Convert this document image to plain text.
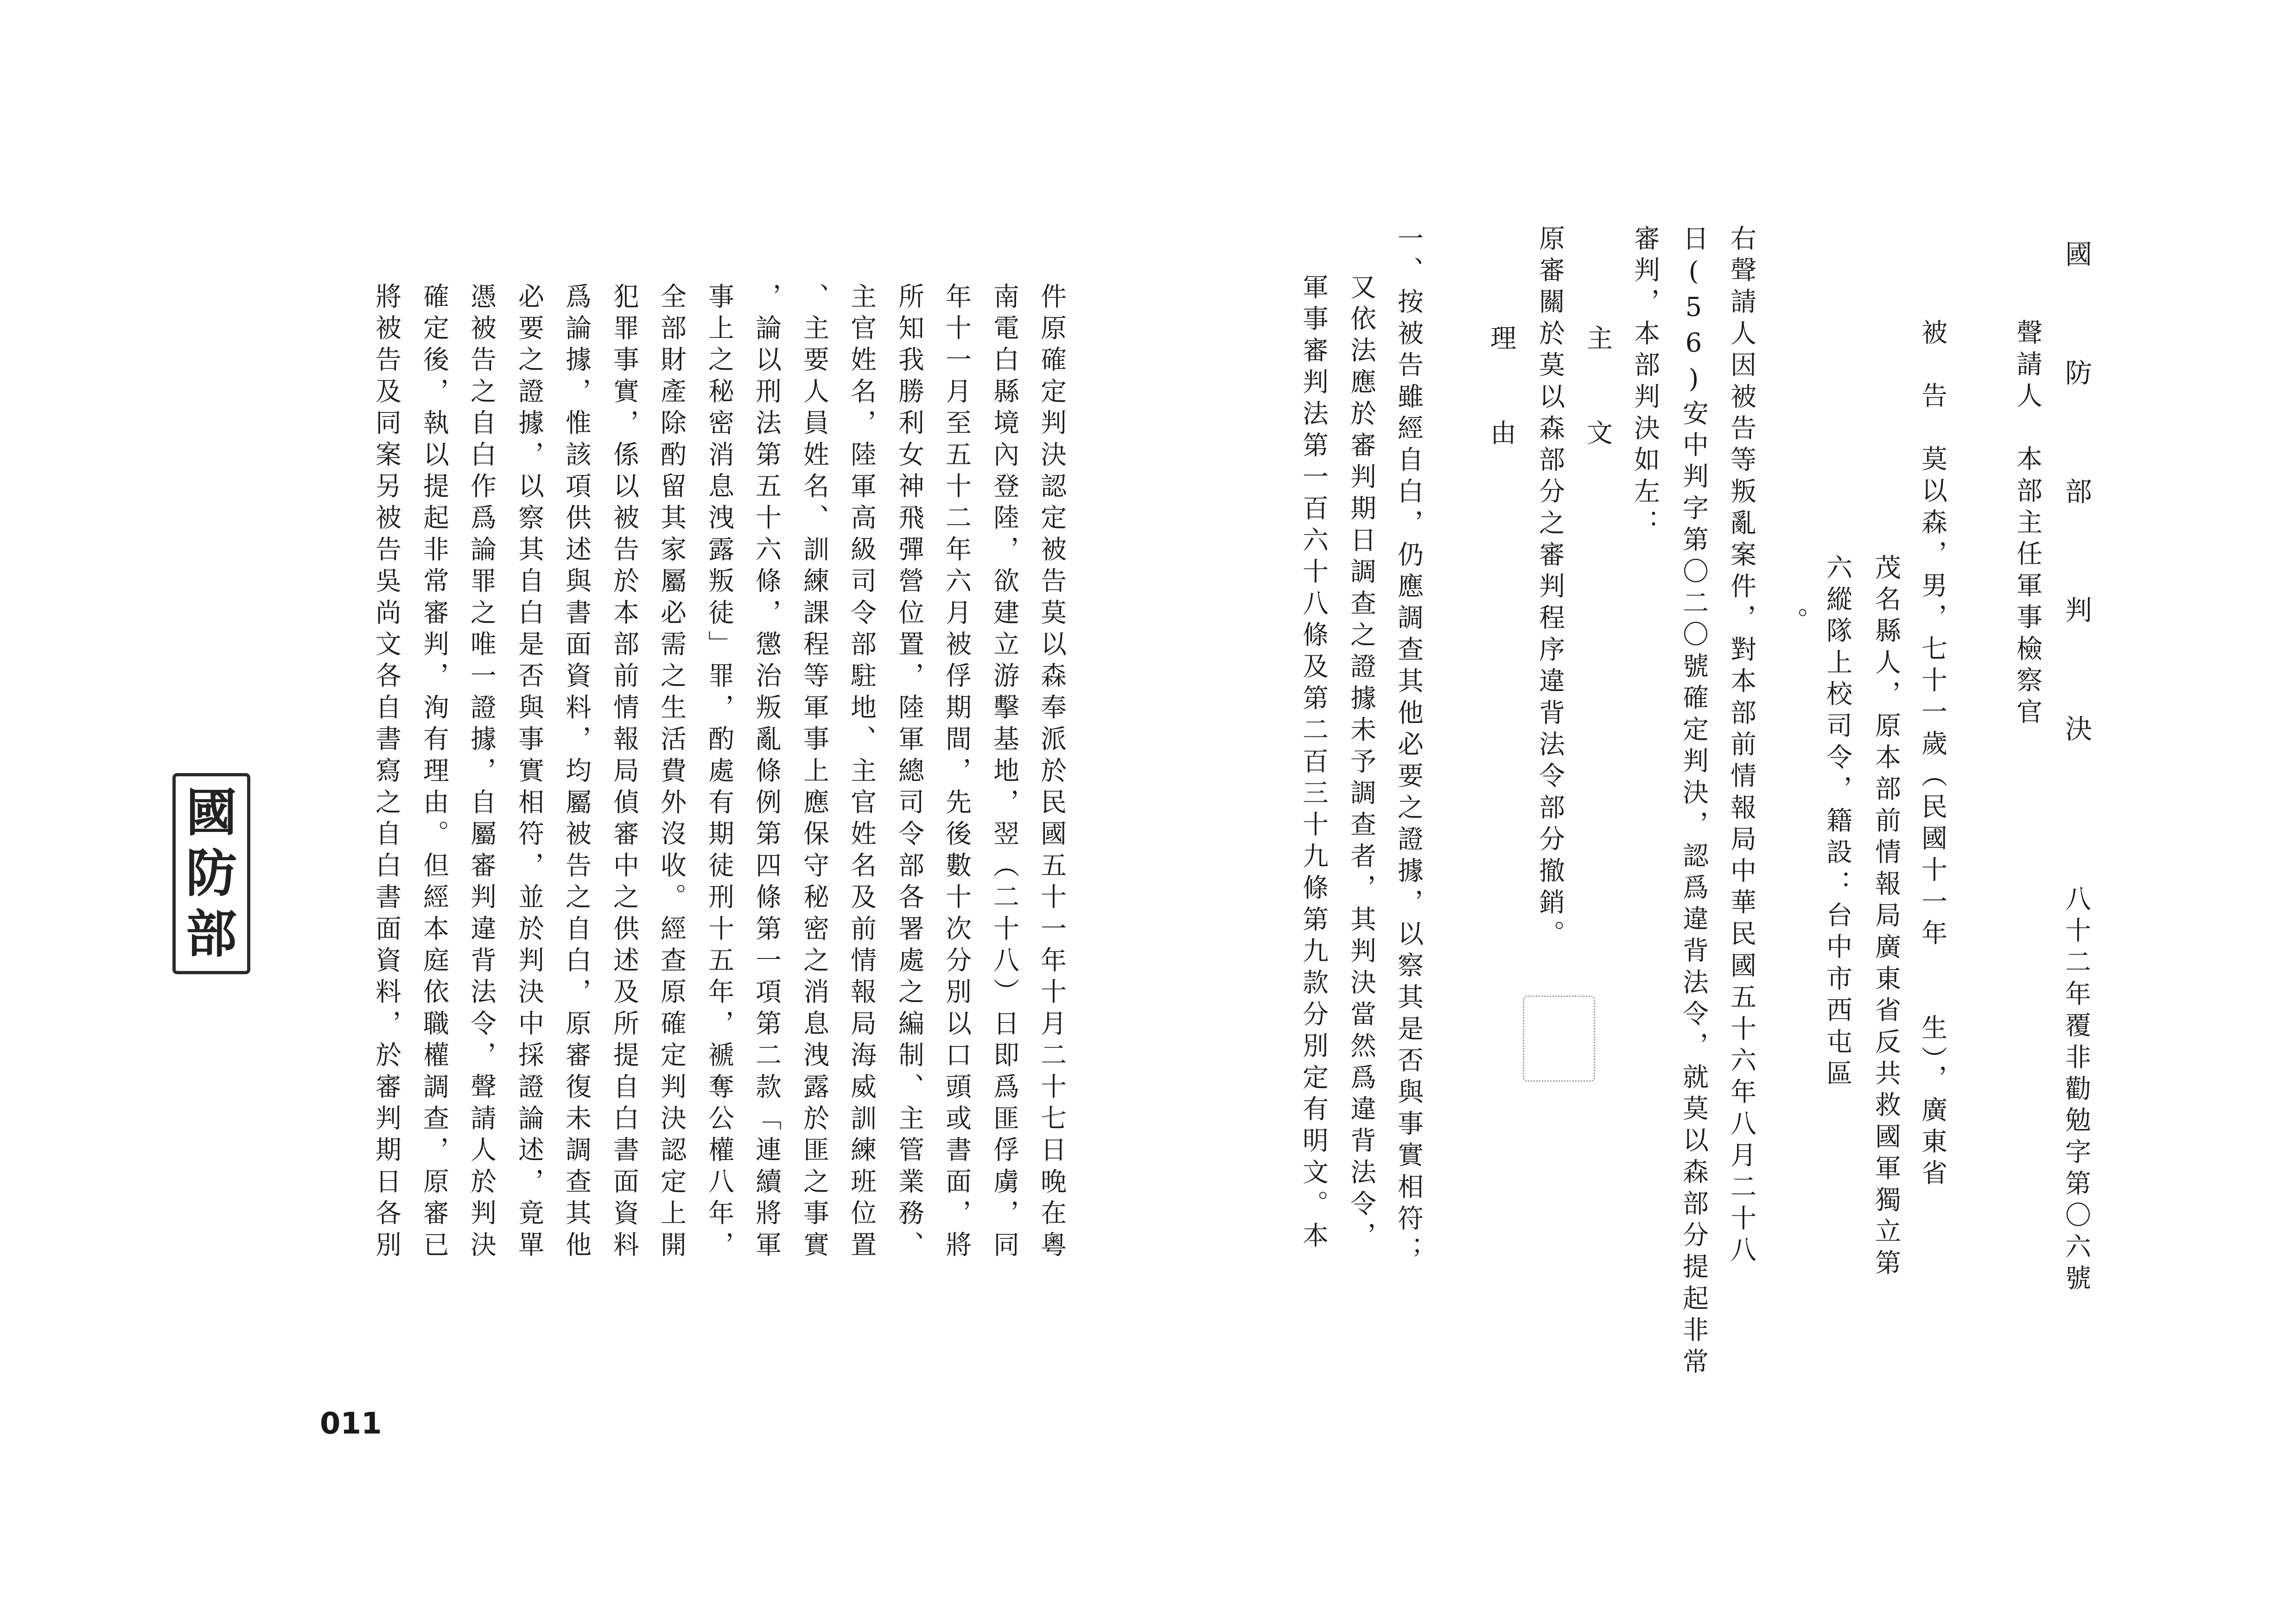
國　防　部　判　決
八十二年覆非勸勉字第〇六號
聲請人　本部主任軍事檢察官
被　告　莫以森，男，七十一歲（民國十一年　　生），廣東省
茂名縣人，原本部前情報局廣東省反共救國軍獨立第
六縱隊上校司令，籍設：台中市西屯區
。
右聲請人因被告等叛亂案件，對本部前情報局中華民國五十六年八月二十八
日(56)安中判字第〇二〇號確定判決，認爲違背法令，就莫以森部分提起非常
審判，本部判決如左：
主　　文
原審關於莫以森部分之審判程序違背法令部分撤銷。
理　　由
一、按被告雖經自白，仍應調查其他必要之證據，以察其是否與事實相符；
又依法應於審判期日調查之證據未予調查者，其判決當然爲違背法令，
軍事審判法第一百六十八條及第二百三十九條第九款分別定有明文。本
件原確定判決認定被告莫以森奉派於民國五十一年十月二十七日晚在粵
南電白縣境內登陸，欲建立游擊基地，翌（二十八）日即爲匪俘虜，同
年十一月至五十二年六月被俘期間，先後數十次分別以口頭或書面，將
所知我勝利女神飛彈營位置，陸軍總司令部各署處之編制、主管業務、
主官姓名，陸軍高級司令部駐地、主官姓名及前情報局海威訓練班位置
、主要人員姓名、訓練課程等軍事上應保守秘密之消息洩露於匪之事實
，論以刑法第五十六條，懲治叛亂條例第四條第一項第二款「連續將軍
事上之秘密消息洩露叛徒」罪，酌處有期徒刑十五年，褫奪公權八年，
全部財產除酌留其家屬必需之生活費外沒收。經查原確定判決認定上開
犯罪事實，係以被告於本部前情報局偵審中之供述及所提自白書面資料
爲論據，惟該項供述與書面資料，均屬被告之自白，原審復未調查其他
必要之證據，以察其自白是否與事實相符，並於判決中採證論述，竟單
憑被告之自白作爲論罪之唯一證據，自屬審判違背法令，聲請人於判決
確定後，執以提起非常審判，洵有理由。但經本庭依職權調查，原審已
將被告及同案另被告吳尚文各自書寫之自白書面資料，於審判期日各別
國
防
部
011
